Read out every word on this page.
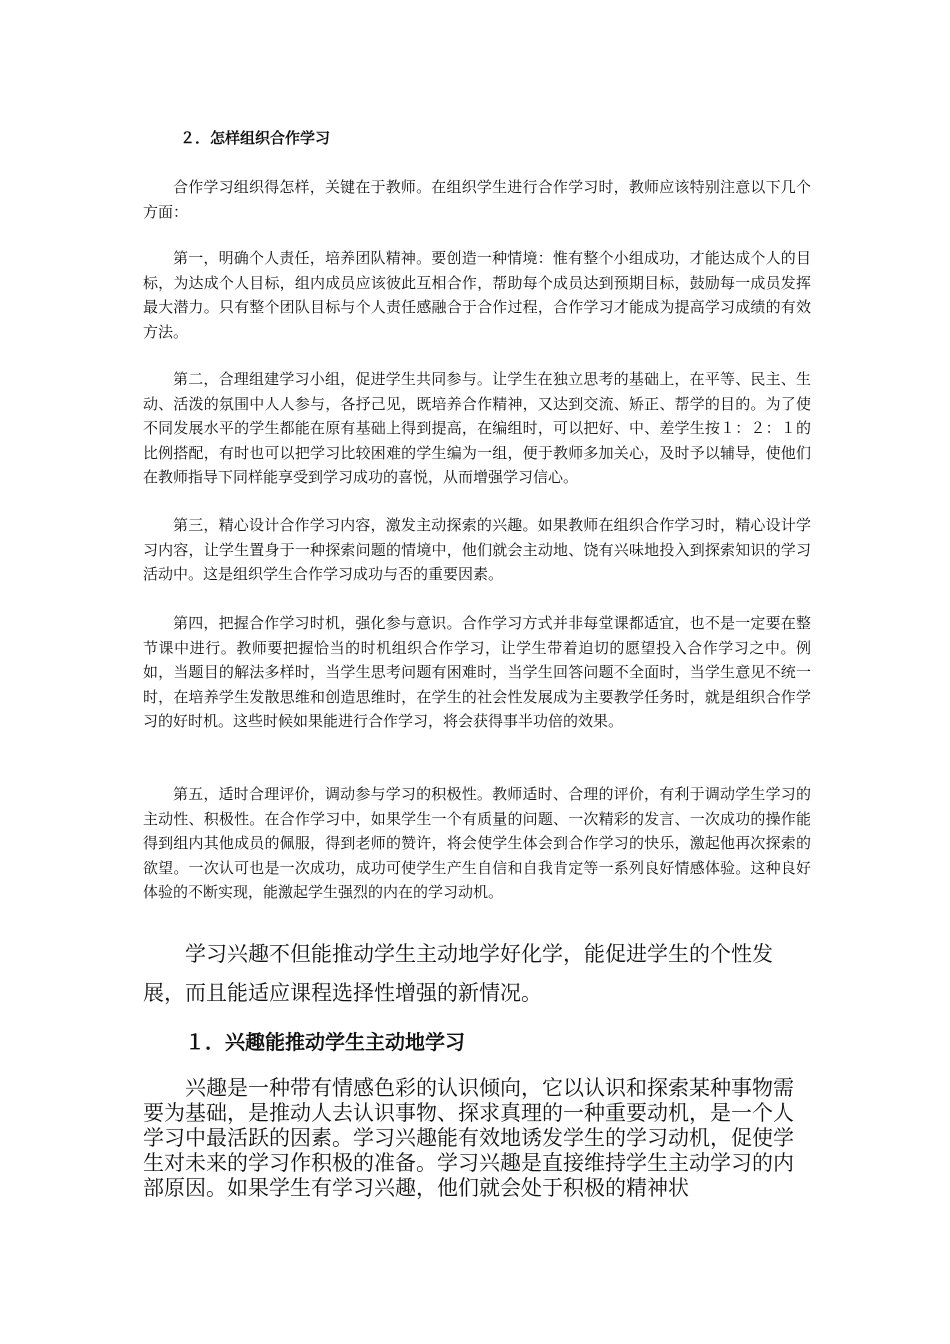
２．怎样组织合作学习

合作学习组织得怎样，关键在于教师。在组织学生进行合作学习时，教师应该特别注意以下几个方面：

第一，明确个人责任，培养团队精神。要创造一种情境：惟有整个小组成功，才能达成个人的目标，为达成个人目标，组内成员应该彼此互相合作，帮助每个成员达到预期目标，鼓励每一成员发挥最大潜力。只有整个团队目标与个人责任感融合于合作过程，合作学习才能成为提高学习成绩的有效方法。

第二，合理组建学习小组，促进学生共同参与。让学生在独立思考的基础上，在平等、民主、生动、活泼的氛围中人人参与，各抒己见，既培养合作精神，又达到交流、矫正、帮学的目的。为了使不同发展水平的学生都能在原有基础上得到提高，在编组时，可以把好、中、差学生按１：２：１的比例搭配，有时也可以把学习比较困难的学生编为一组，便于教师多加关心，及时予以辅导，使他们在教师指导下同样能享受到学习成功的喜悦，从而增强学习信心。

第三，精心设计合作学习内容，激发主动探索的兴趣。如果教师在组织合作学习时，精心设计学习内容，让学生置身于一种探索问题的情境中，他们就会主动地、饶有兴味地投入到探索知识的学习活动中。这是组织学生合作学习成功与否的重要因素。

第四，把握合作学习时机，强化参与意识。合作学习方式并非每堂课都适宜，也不是一定要在整节课中进行。教师要把握恰当的时机组织合作学习，让学生带着迫切的愿望投入合作学习之中。例如，当题目的解法多样时，当学生思考问题有困难时，当学生回答问题不全面时，当学生意见不统一时，在培养学生发散思维和创造思维时，在学生的社会性发展成为主要教学任务时，就是组织合作学习的好时机。这些时候如果能进行合作学习，将会获得事半功倍的效果。

第五，适时合理评价，调动参与学习的积极性。教师适时、合理的评价，有利于调动学生学习的主动性、积极性。在合作学习中，如果学生一个有质量的问题、一次精彩的发言、一次成功的操作能得到组内其他成员的佩服，得到老师的赞许，将会使学生体会到合作学习的快乐，激起他再次探索的欲望。一次认可也是一次成功，成功可使学生产生自信和自我肯定等一系列良好情感体验。这种良好体验的不断实现，能激起学生强烈的内在的学习动机。

学习兴趣不但能推动学生主动地学好化学，能促进学生的个性发展，而且能适应课程选择性增强的新情况。

１．兴趣能推动学生主动地学习

兴趣是一种带有情感色彩的认识倾向，它以认识和探索某种事物需要为基础，是推动人去认识事物、探求真理的一种重要动机，是一个人学习中最活跃的因素。学习兴趣能有效地诱发学生的学习动机，促使学生对未来的学习作积极的准备。学习兴趣是直接维持学生主动学习的内部原因。如果学生有学习兴趣，他们就会处于积极的精神状
